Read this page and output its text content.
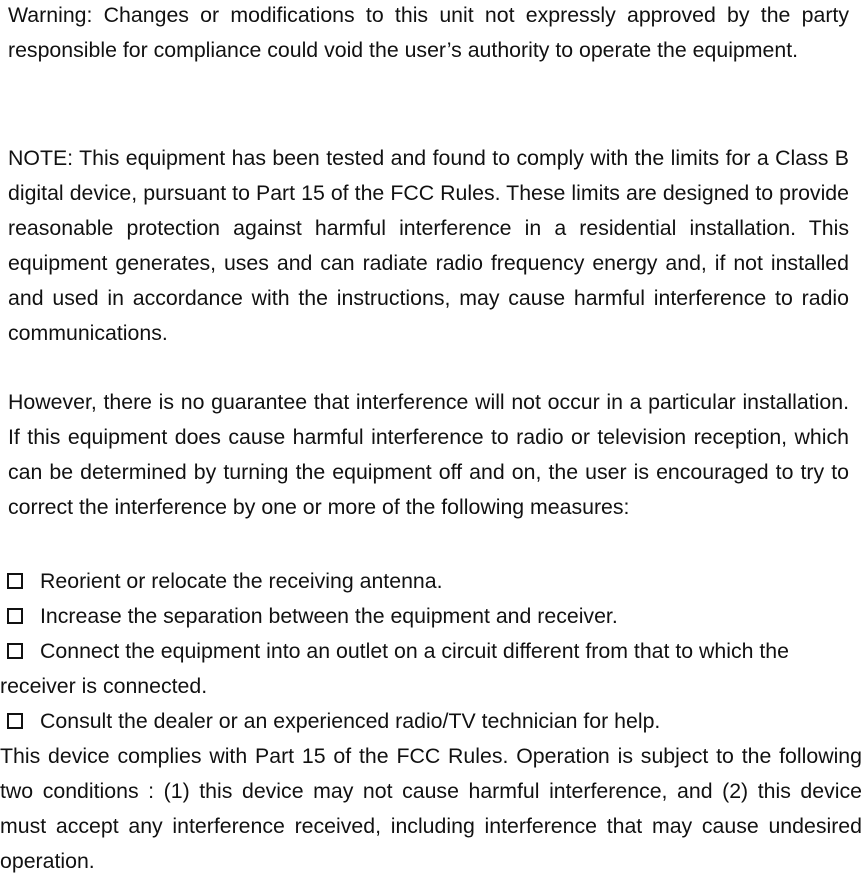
Warning: Changes or modifications to this unit not expressly approved by the party responsible for compliance could void the user’s authority to operate the equipment.

NOTE: This equipment has been tested and found to comply with the limits for a Class B digital device, pursuant to Part 15 of the FCC Rules. These limits are designed to provide reasonable protection against harmful interference in a residential installation. This equipment generates, uses and can radiate radio frequency energy and, if not installed and used in accordance with the instructions, may cause harmful interference to radio communications.

However, there is no guarantee that interference will not occur in a particular installation. If this equipment does cause harmful interference to radio or television reception, which can be determined by turning the equipment off and on, the user is encouraged to try to correct the interference by one or more of the following measures:

Reorient or relocate the receiving antenna.
Increase the separation between the equipment and receiver.
Connect the equipment into an outlet on a circuit different from that to which the receiver is connected.
Consult the dealer or an experienced radio/TV technician for help.

This device complies with Part 15 of the FCC Rules. Operation is subject to the following two conditions : (1) this device may not cause harmful interference, and (2) this device must accept any interference received, including interference that may cause undesired operation.
